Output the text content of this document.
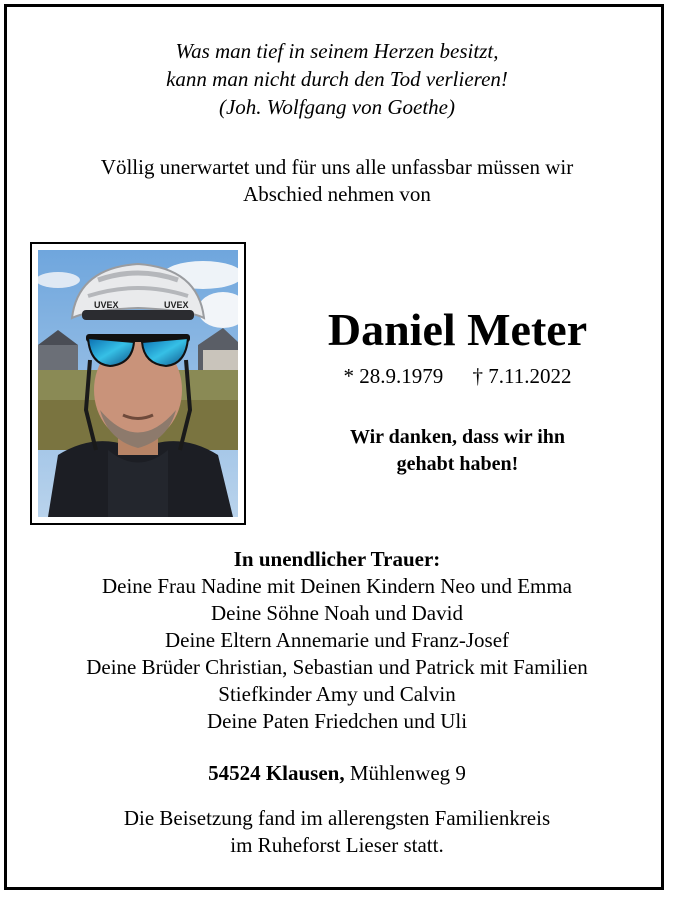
Was man tief in seinem Herzen besitzt,
kann man nicht durch den Tod verlieren!
(Joh. Wolfgang von Goethe)
Völlig unerwartet und für uns alle unfassbar müssen wir
Abschied nehmen von
UVEX	UVEX	Daniel Meter
* 28.9.1979 † 7.11.2022
Wir danken, dass wir ihn
gehabt haben!
In unendlicher Trauer:
Deine Frau Nadine mit Deinen Kindern Neo und Emma
Deine Söhne Noah und David
Deine Eltern Annemarie und Franz-Josef
Deine Brüder Christian, Sebastian und Patrick mit Familien
Stiefkinder Amy und Calvin
Deine Paten Friedchen und Uli
54524 Klausen, Mühlenweg 9
Die Beisetzung fand im allerengsten Familienkreis
im Ruheforst Lieser statt.
